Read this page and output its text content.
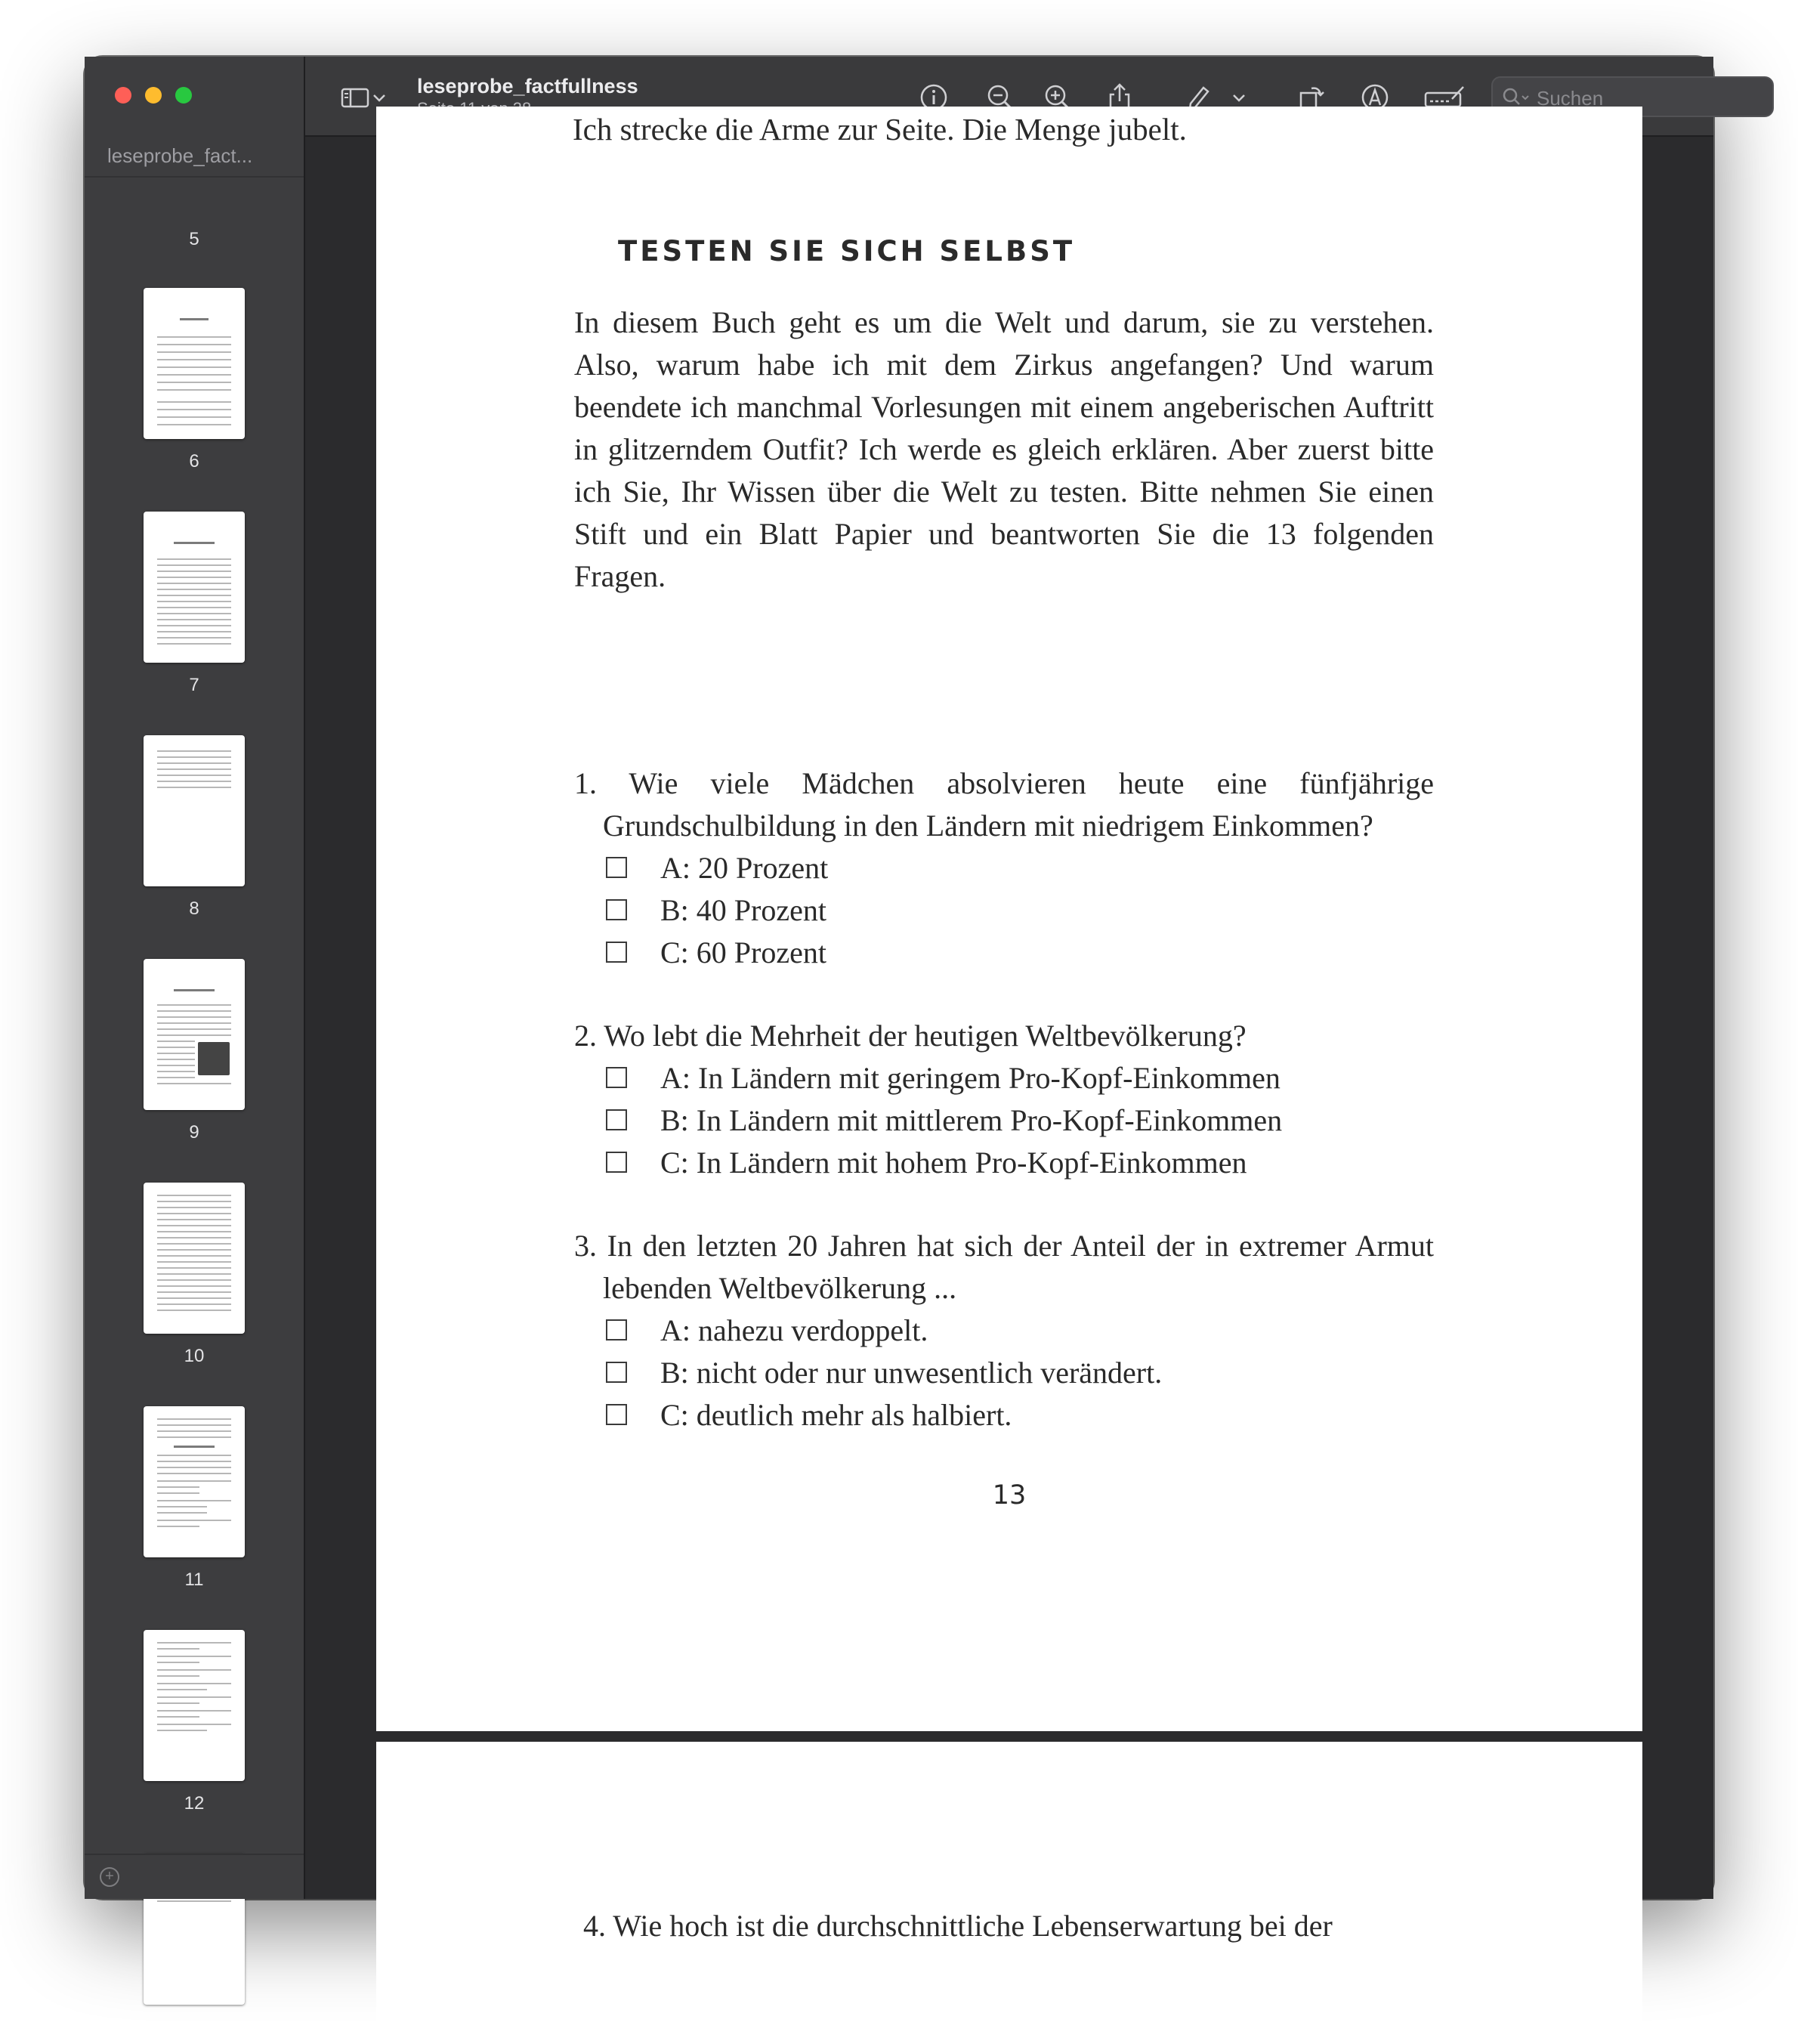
leseprobe_fact...
5
6
7
8
9
10
11
12
+
leseprobe_factfullness
Suchen
Ich strecke die Arme zur Seite. Die Menge jubelt.
TESTEN SIE SICH SELBST

In diesem Buch geht es um die Welt und darum, sie zu verstehen. Also, warum habe ich mit dem Zirkus angefangen? Und warum beendete ich manchmal Vorlesungen mit einem angeberischen Auftritt in glitzerndem Outfit? Ich werde es gleich erklären. Aber zuerst bitte ich Sie, Ihr Wissen über die Welt zu testen. Bitte nehmen Sie einen Stift und ein Blatt Papier und beantworten Sie die 13 folgenden Fragen.

1. Wie viele Mädchen absolvieren heute eine fünfjährige Grundschulbildung in den Ländern mit niedrigem Einkommen?

A: 20 Prozent
B: 40 Prozent
C: 60 Prozent

2. Wo lebt die Mehrheit der heutigen Weltbevölkerung?

A: In Ländern mit geringem Pro-Kopf-Einkommen
B: In Ländern mit mittlerem Pro-Kopf-Einkommen
C: In Ländern mit hohem Pro-Kopf-Einkommen

3. In den letzten 20 Jahren hat sich der Anteil der in extremer Armut lebenden Weltbevölkerung ...

A: nahezu verdoppelt.
B: nicht oder nur unwesentlich verändert.
C: deutlich mehr als halbiert.
13
4. Wie hoch ist die durchschnittliche Lebenserwartung bei der
